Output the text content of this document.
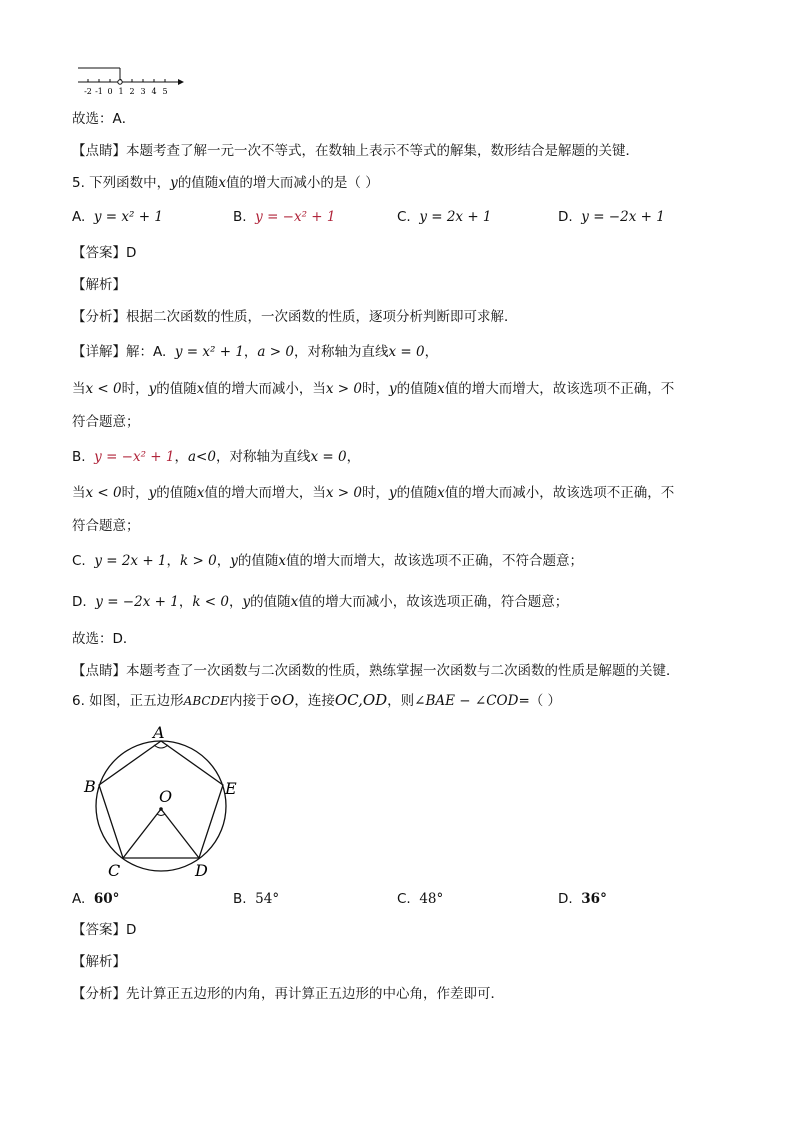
-2 -1 0 1 2 3 4 5
故选：A．
【点睛】本题考查了解一元一次不等式，在数轴上表示不等式的解集，数形结合是解题的关键．
5. 下列函数中，y的值随x值的增大而减小的是（ ）
A. y = x² + 1	B. y = −x² + 1	C. y = 2x + 1	D. y = −2x + 1
【答案】D
【解析】
【分析】根据二次函数的性质，一次函数的性质，逐项分析判断即可求解．
【详解】解：A. y = x² + 1，a > 0，对称轴为直线x = 0，
当x < 0时，y的值随x值的增大而减小，当x > 0时，y的值随x值的增大而增大，故该选项不正确，不
符合题意；
B. y = −x² + 1，a<0，对称轴为直线x = 0，
当x < 0时，y的值随x值的增大而增大，当x > 0时，y的值随x值的增大而减小，故该选项不正确，不
符合题意；
C. y = 2x + 1，k > 0，y的值随x值的增大而增大，故该选项不正确，不符合题意；
D. y = −2x + 1，k < 0，y的值随x值的增大而减小，故该选项正确，符合题意；
故选：D．
【点睛】本题考查了一次函数与二次函数的性质，熟练掌握一次函数与二次函数的性质是解题的关键．
6. 如图，正五边形ABCDE内接于⊙O，连接OC,OD，则∠BAE − ∠COD=（ ）
A
B	E
O
C	D
A. 60°	B. 54°	C. 48°	D. 36°
【答案】D
【解析】
【分析】先计算正五边形的内角，再计算正五边形的中心角，作差即可．
